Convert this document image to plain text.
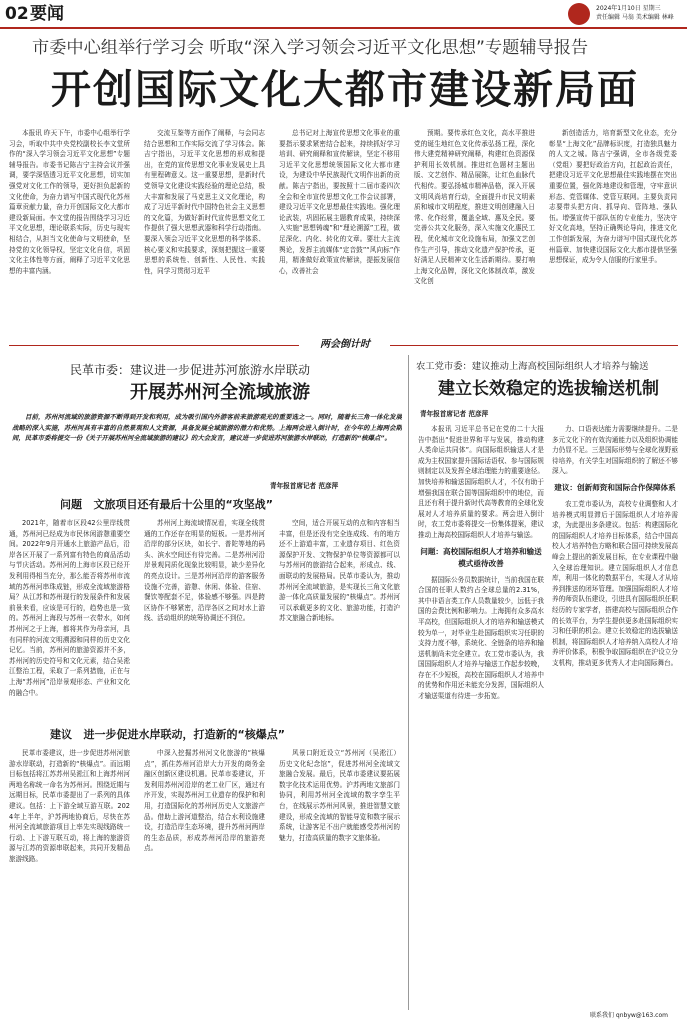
02 要闻	2024年1月10日 星期三
责任编辑 马翁 美术编辑 林峰
市委中心组举行学习会 听取“深入学习领会习近平文化思想”专题辅导报告
开创国际文化大都市建设新局面

本报讯 昨天下午，市委中心组举行学习会，听取中共中央党校副校长李文堂所作的“深入学习领会习近平文化思想”专题辅导报告。市委书记陈吉宁主持会议并强调，要学深悟透习近平文化思想，切实加强党对文化工作的领导，更好担负起新的文化使命，为奋力谱写中国式现代化苏州篇章贡献力量，奋力开创国际文化大都市建设新局面。李文堂的报告围绕学习习近平文化思想，理论联系实际，历史与现实相结合，从担当文化使命与文明使命，坚持党的文化领导权，坚定文化自信，巩固文化主体性等方面，阐释了习近平文化思想的丰富内涵。

交流互鉴等方面作了阐释，与会同志结合思想和工作实际交流了学习体会。陈吉宁指出，习近平文化思想的形成和提出，在党的宣传思想文化事业发展史上具有里程碑意义。这一重要思想，是新时代党领导文化建设实践经验的理论总结，极大丰富和发展了马克思主义文化理论，构成了习近平新时代中国特色社会主义思想的文化篇，为做好新时代宣传思想文化工作提供了强大思想武器和科学行动指南。要深入领会习近平文化思想的科学体系、核心要义和实践要求，深刻把握这一重要思想的系统性、创新性、人民性、实践性，同学习贯彻习近平

总书记对上海宣传思想文化事业的重要指示要求紧密结合起来，持续抓好学习培训、研究阐释和宣传解读，坚定不移用习近平文化思想统领国际文化大都市建设，为建设中华民族现代文明作出新的贡献。陈吉宁指出，要按照十二届市委四次全会和全市宣传思想文化工作会议部署，建设习近平文化思想最佳实践地。强化理论武装，巩固拓展主题教育成果，持续深入实施“思想铸魂”和“理论溯源”工程，做足深化、内化、转化的文章。要壮大主流舆论，发挥主流媒体“定音鼓”“风向标”作用，精准做好政策宣传解读，提振发展信心，改善社会

预期。要传承红色文化，高水平推进党的诞生地红色文化传承弘扬工程，深化伟大建党精神研究阐释，构建红色资源保护利用长效机制。推进红色题材主题出版、文艺创作、精品展陈，让红色血脉代代相传。要弘扬城市精神品格，深入开展文明风尚培育行动，全面提升市民文明素质和城市文明程度，推进文明创建融入日常、化作经常，覆盖全域、惠及全民。要完善公共文化服务，深入实施文化惠民工程，优化城市文化设施布局，加强文艺创作生产引导，推动文化遗产保护传承，更好满足人民精神文化生活新期待。要打响上海文化品牌，深化文化体制改革，激发文化创

新创造活力，培育新型文化业态，充分彰显“上海文化”品牌标识度，打造独具魅力的人文之城。陈吉宁强调，全市各级党委（党组）要把好政治方向，扛起政治责任，把建设习近平文化思想最佳实践地摆在突出重要位置，强化阵地建设和管理，守牢意识形态、党管媒体、党管互联网。主要负责同志要带头把方向、抓导向、管阵地、强队伍。增强宣传干部队伍的专业能力，坚决守好文化高地，坚持正确舆论导向，推进文化工作创新发展，为奋力谱写中国式现代化苏州篇章、加快建设国际文化大都市提供坚强思想保证，成为令人信服的行家里手。

两会倒计时
民革市委：建议进一步促进苏河旅游水岸联动
开展苏州河全流域旅游

目前，苏州河流域的旅游资源不断得到开发和利用，成为吸引国内外游客前来旅游观光的重要选之一。同时，随着长三角一体化发展战略的深入实施，苏州河具有丰富的自然景观和人文资源，具备发展全域旅游的潜力和优势。上海两会进入倒计时，在今年的上海两会期间，民革市委将提交一份《关于开展苏州河全流域旅游的建议》的大会发言，建议进一步促进苏河旅游水岸联动，打造新的“核爆点”。

青年报首席记者 范彦萍
问题   文旅项目还有最后十公里的“攻坚战”

2021年，随着市区段42公里岸线贯通，苏州河已经成为市民休闲游憩重要空间。2022年9月开通水上旅游产品后，沿岸各区开展了一系列富有特色的商品活动与节庆活动。苏州河的上海市区段已经开发利用得相当充分，那么能否将苏州市流域的苏州河串珠成链，形成全流域旅游格局？从江苏和苏州现行的发展条件和发展前景来看，应该是可行的，趋势也是一致的。苏州河上海段与苏州一衣带水，如何苏州河之于上海，都将其作为母亲河，具有同样的河流文明溯源和同样的历史文化记忆。当前，苏州河的旅游资源并不多，苏州河的历史符号和文化元素，结合吴淞江整治工程，采取了一系列措施，正在与上海“苏州河”沿岸景观形态、产业和文化的融合中。

苏州河上海流域情况看，实现全线贯通的工作还存在明显的短板。一是苏州河沿岸的部分区块，如长宁、普陀等地的码头、滨水空间还有待完善。二是苏州河沿岸景观同质化现象比较明显，缺少差异化的亮点设计。三是苏州河沿岸的游客服务设施不完善，游憩、休闲、体验、住宿、餐饮等配套不足，体验感不够强。四是跨区协作不够紧密，沿岸各区之间对水上游线、活动组织的统筹协调还不到位。

空间，适合开展互动的点和内容相当丰富，但是还没有完全连成线、有的地方还不上游道丰富，工业遗存项目、红色资源保护开发、文物保护单位等资源都可以与苏州河的旅游结合起来，形成点、线、面联动的发展格局。民革市委认为，推动苏州河全流域旅游，是实现长三角文化旅游一体化高质量发展的“核爆点”。苏州河可以承载更多的文化、旅游功能，打造沪苏文旅融合新地标。

建议   进一步促进水岸联动，打造新的“核爆点”

民革市委建议，进一步促进苏州河旅游水岸联动，打造新的“核爆点”。而远期目标包括将江苏苏州吴淞江和上海苏州河两地名称统一命名为苏州河。围绕近期与远期目标，民革市委提出了一系列的具体建议。包括：上下游全域互游互联。2024年上半年，沪苏两地协商后，尽快在苏州河全流域旅游项目上率先实现线路统一行动、上下游互联互动，将上海的旅游资源与江苏的资源串联起来，共同开发精品旅游线路。

中深入挖掘苏州河文化旅游的“核爆点”，抓住苏州河沿岸大力开发的商务金融区创新区建设机遇。民革市委建议，开发利用苏州河沿岸的老工业厂区，通过有序开发，实现苏州河工业遗存的保护和利用，打造国际化的苏州河历史人文旅游产品。借助上游河道整治，结合水利设施建设，打造沿岸生态环境，提升苏州河两岸的生态品质，形成苏州河沿岸的旅游亮点。

风景口附近设立“苏州河（吴淞江）历史文化纪念馆”，促进苏州河全流域文旅融合发展。最后，民革市委建议要拓展数字化技术运用优势。沪苏两地文旅部门协同，利用苏州河全流域的数字孪生平台，在线展示苏州河风景，推进智慧文旅建设，形成全流域的智能导览和数字展示系统，让游客足不出户就能感受苏州河的魅力，打造高质量的数字文旅体验。

农工党市委：建议推动上海高校国际组织人才培养与输送
建立长效稳定的选拔输送机制
青年报首席记者 范彦萍

本报讯 习近平总书记在党的二十大报告中指出“促进世界和平与发展，推动构建人类命运共同体”。向国际组织输送人才是成为主权国家提升国际话语权、参与国际规则制定以及发挥全球治理能力的重要途径。加快培养和输送国际组织人才，不仅有助于增强我国在联合国等国际组织中的地位，而且还有利于提升新时代高等教育的全球化发展对人才培养质量的要求。两会进入倒计时，农工党市委将提交一份集体提案，建议推动上海高校国际组织人才培养与输送。

问题：高校国际组织人才培养和输送模式亟待改善

据国际公务员数据统计，当前我国在联合国的任职人数约占全球总量的2.31%，其中非语言类工作人员数量较少，远低于我国的会费比例和影响力。上海拥有众多高水平高校，但国际组织人才的培养和输送模式较为单一，对毕业生赴国际组织实习任职的支持力度不够，系统化、全链条的培养和输送机制尚未完全建立。农工党市委认为，我国国际组织人才培养与输送工作起步较晚，存在不少短板，高校在国际组织人才培养中的优势和作用还未能充分发挥，国际组织人才输送渠道有待进一步拓宽。

力、口语表达能力需要继续提升。二是多元文化下的有效沟通能力以及组织协调能力仍显不足。三是国际形势与全球化视野亟待培养，有关学生对国际组织的了解还不够深入。

建议：创新师资和国际合作保障体系

农工党市委认为，高校专业调整和人才培养模式明显滞后于国际组织人才培养需求，为此提出多条建议。包括：构建国际化的国际组织人才培养目标体系，结合中国高校人才培养特色方略和联合国可持续发展高峰会上提出的新发展目标，在专业课程中融入全球治理知识。建立国际组织人才信息库，利用一体化的数据平台，实现人才从培养到推送的闭环管理。加强国际组织人才培养的师资队伍建设，引进具有国际组织任职经历的专家学者，搭建高校与国际组织合作的长效平台，为学生提供更多赴国际组织实习和任职的机会。建立长效稳定的选拔输送机制，将国际组织人才培养纳入高校人才培养评价体系，积极争取国际组织在沪设立分支机构，推动更多优秀人才走向国际舞台。

联系我们 qnbyw@163.com
